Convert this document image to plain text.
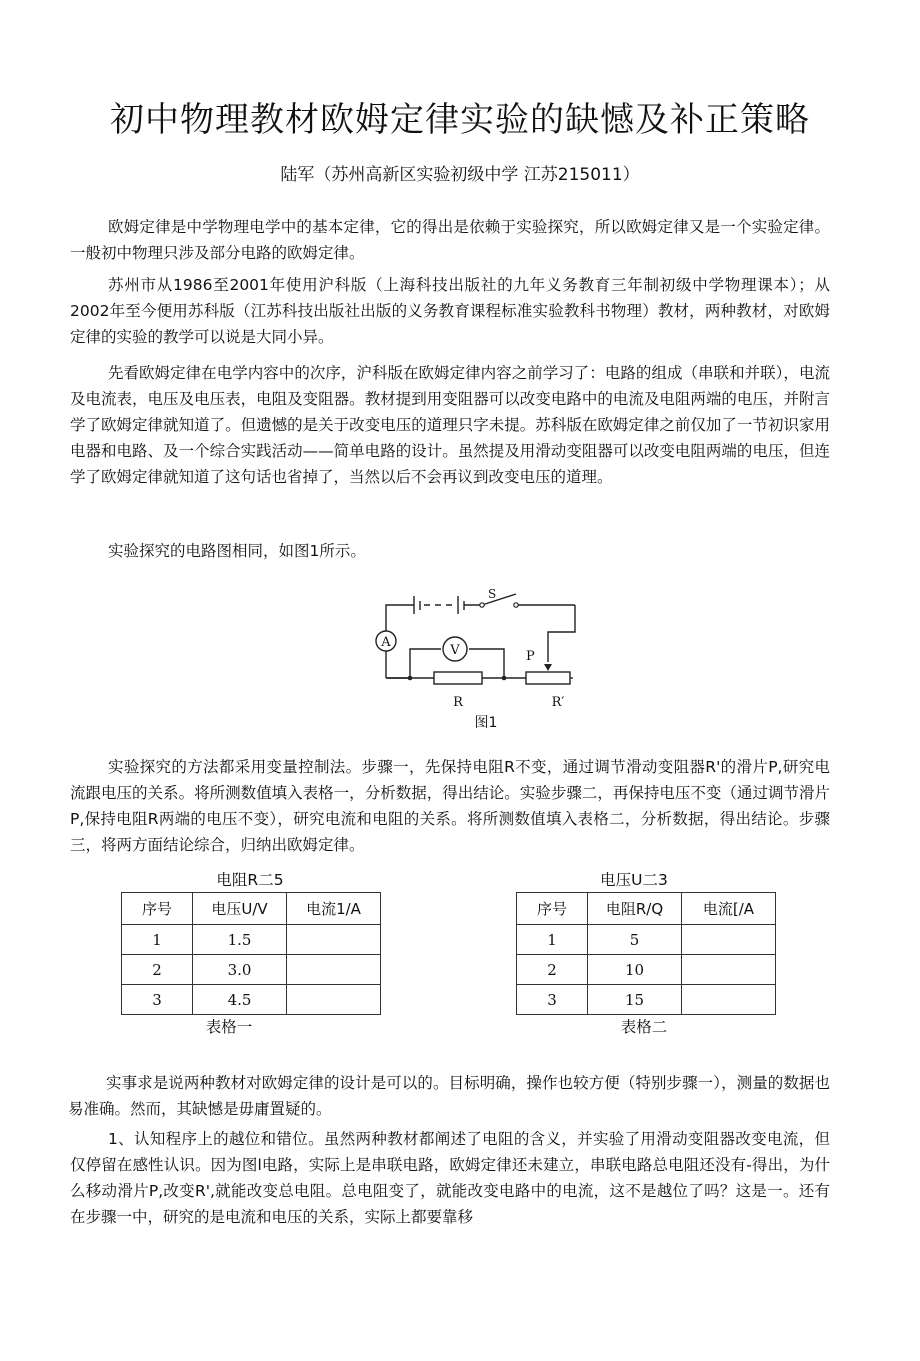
初中物理教材欧姆定律实验的缺憾及补正策略
陆军（苏州高新区实验初级中学 江苏215011）

欧姆定律是中学物理电学中的基本定律，它的得出是依赖于实验探究，所以欧姆定律又是一个实验定律。一般初中物理只涉及部分电路的欧姆定律。

苏州市从1986至2001年使用沪科版（上海科技出版社的九年义务教育三年制初级中学物理课本）；从2002年至今便用苏科版（江苏科技出版社出版的义务教育课程标准实验教科书物理）教材，两种教材，对欧姆定律的实验的教学可以说是大同小异。

先看欧姆定律在电学内容中的次序，沪科版在欧姆定律内容之前学习了：电路的组成（串联和并联），电流及电流表，电压及电压表，电阻及变阻器。教材提到用变阻器可以改变电路中的电流及电阻两端的电压，并附言学了欧姆定律就知道了。但遗憾的是关于改变电压的道理只字未提。苏科版在欧姆定律之前仅加了一节初识家用电器和电路、及一个综合实践活动——简单电路的设计。虽然提及用滑动变阻器可以改变电阻两端的电压，但连学了欧姆定律就知道了这句话也省掉了，当然以后不会再议到改变电压的道理。

实验探究的电路图相同，如图1所示。

A
V
S
P
R	R′
图1

实验探究的方法都采用变量控制法。步骤一，先保持电阻R不变，通过调节滑动变阻器R'的滑片P,研究电流跟电压的关系。将所测数值填入表格一，分析数据，得出结论。实验步骤二，再保持电压不变（通过调节滑片P,保持电阻R两端的电压不变），研究电流和电阻的关系。将所测数值填入表格二，分析数据，得出结论。步骤三，将两方面结论综合，归纳出欧姆定律。

电阻R二5
序号	电压U/V	电流1/A
1	1.5	
2	3.0	
3	4.5	
表格一
电压U二3
序号	电阻R/Q	电流[/A
1	5	
2	10	
3	15	
表格二

实事求是说两种教材对欧姆定律的设计是可以的。目标明确，操作也较方便（特别步骤一），测量的数据也易准确。然而，其缺憾是毋庸置疑的。

1、认知程序上的越位和错位。虽然两种教材都阐述了电阻的含义，并实验了用滑动变阻器改变电流，但仅停留在感性认识。因为图l电路，实际上是串联电路，欧姆定律还未建立，串联电路总电阻还没有-得出，为什么移动滑片P,改变R',就能改变总电阻。总电阻变了，就能改变电路中的电流，这不是越位了吗？这是一。还有在步骤一中，研究的是电流和电压的关系，实际上都要靠移
